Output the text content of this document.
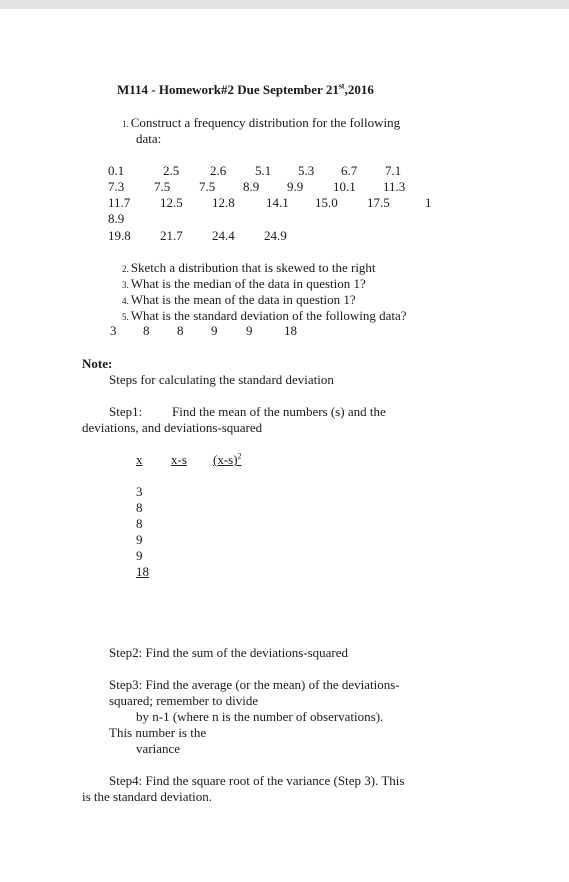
M114 - Homework#2 Due September 21st,2016
1. Construct a frequency distribution for the following
data:
0.1	2.5 2.6 5.1 5.3 6.7 7.1
7.3 7.5 7.5 8.9 9.9 10.1 11.3
11.7 12.5 12.8 14.1 15.0 17.5	1
8.9
19.8 21.7 24.4 24.9
2. Sketch a distribution that is skewed to the right
3. What is the median of the data in question 1?
4. What is the mean of the data in question 1?
5. What is the standard deviation of the following data?
3 8 8 9 9 18
Note:
Steps for calculating the standard deviation
Step1: Find the mean of the numbers (s) and the
deviations, and deviations-squared
x x-s $(x-s)^2$
3
8
8
9
9
18
Step2: Find the sum of the deviations-squared
Step3: Find the average (or the mean) of the deviations-
squared; remember to divide
by n-1 (where n is the number of observations).
This number is the
variance
Step4: Find the square root of the variance (Step 3). This
is the standard deviation.
